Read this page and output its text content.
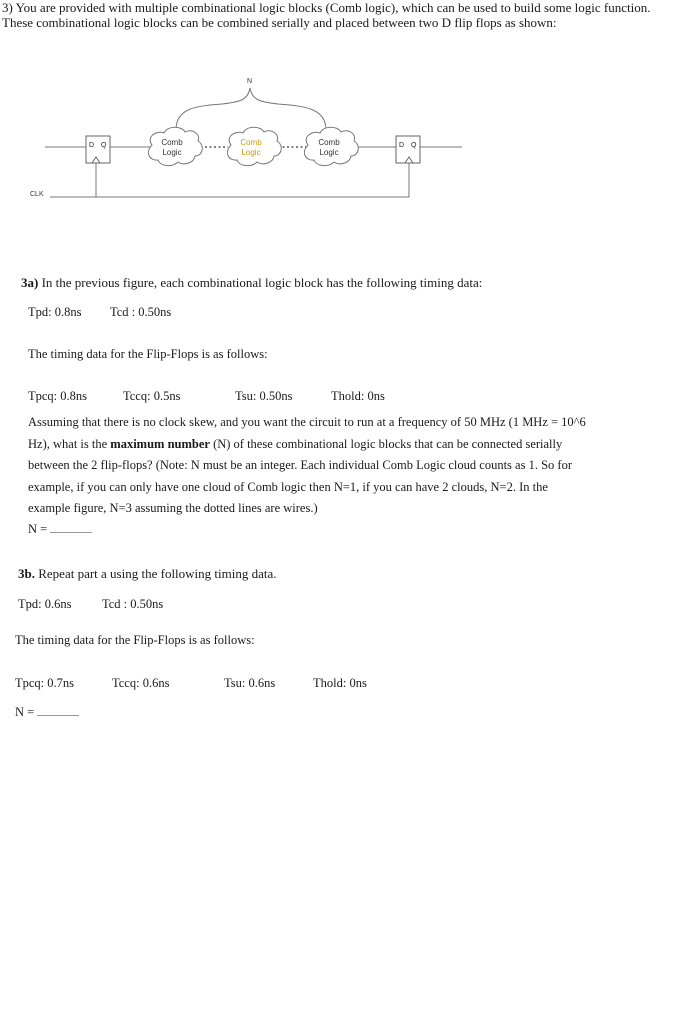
3) You are provided with multiple combinational logic blocks (Comb logic), which can be used to build some logic function. These combinational logic blocks can be combined serially and placed between two D flip flops as shown:
D Q	D Q
Comb
Logic
Comb
Logic
Comb
Logic
N
CLK
3a) In the previous figure, each combinational logic block has the following timing data:
Tpd: 0.8ns Tcd : 0.50ns
The timing data for the Flip-Flops is as follows:
Tpcq: 0.8ns	Tccq: 0.5ns	Tsu: 0.50ns	Thold: 0ns
Assuming that there is no clock skew, and you want the circuit to run at a frequency of 50 MHz (1 MHz = 10^6 Hz), what is the maximum number (N) of these combinational logic blocks that can be connected serially between the 2 flip-flops? (Note: N must be an integer. Each individual Comb Logic cloud counts as 1. So for example, if you can only have one cloud of Comb logic then N=1, if you can have 2 clouds, N=2. In the example figure, N=3 assuming the dotted lines are wires.)
N =
3b. Repeat part a using the following timing data.
Tpd: 0.6ns Tcd : 0.50ns
The timing data for the Flip-Flops is as follows:
Tpcq: 0.7ns	Tccq: 0.6ns	Tsu: 0.6ns	Thold: 0ns
N =
